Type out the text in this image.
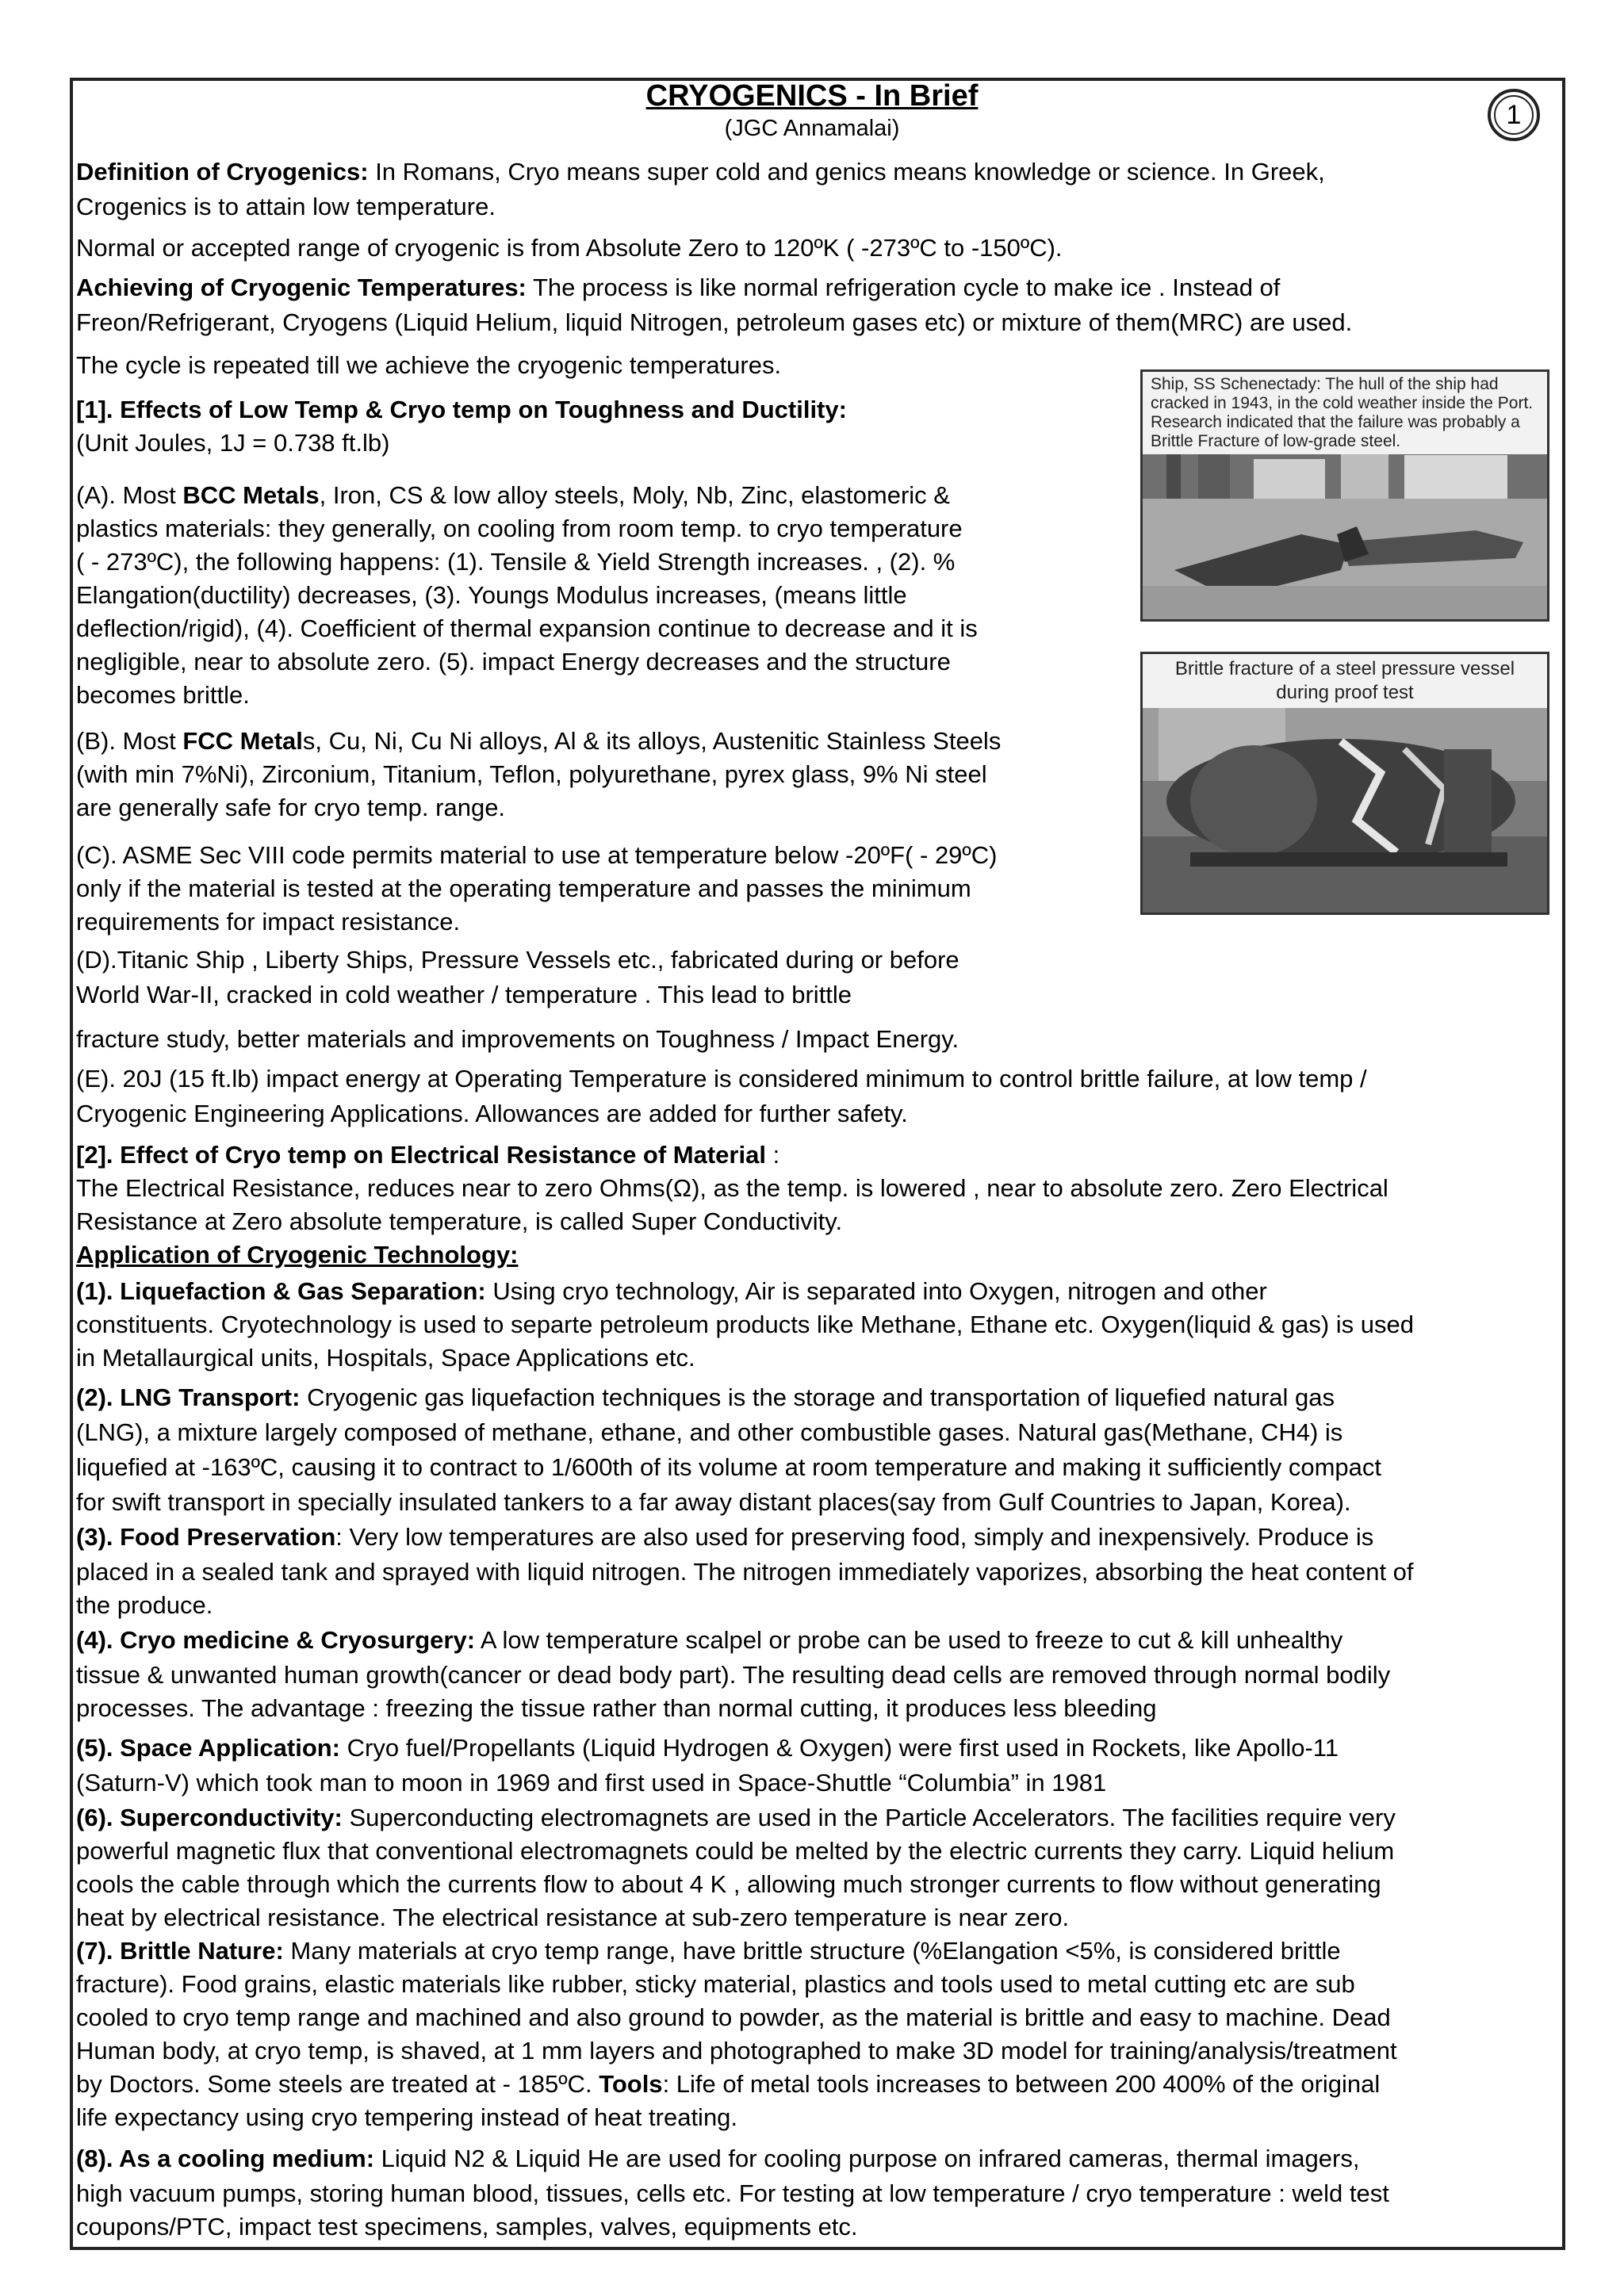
CRYOGENICS - In Brief
(JGC Annamalai)	1
Definition of Cryogenics: In Romans, Cryo means super cold and genics means knowledge or science. In Greek,
Crogenics is to attain low temperature.
Normal or accepted range of cryogenic is from Absolute Zero to 120ºK ( -273ºC to -150ºC).
Achieving of Cryogenic Temperatures: The process is like normal refrigeration cycle to make ice . Instead of
Freon/Refrigerant, Cryogens (Liquid Helium, liquid Nitrogen, petroleum gases etc) or mixture of them(MRC) are used.
The cycle is repeated till we achieve the cryogenic temperatures.
[1]. Effects of Low Temp & Cryo temp on Toughness and Ductility:
(Unit Joules, 1J = 0.738 ft.lb)
(A). Most BCC Metals, Iron, CS & low alloy steels, Moly, Nb, Zinc, elastomeric &
plastics materials: they generally, on cooling from room temp. to cryo temperature
( - 273ºC), the following happens: (1). Tensile & Yield Strength increases. , (2). %
Elangation(ductility) decreases, (3). Youngs Modulus increases, (means little
deflection/rigid), (4). Coefficient of thermal expansion continue to decrease and it is
negligible, near to absolute zero. (5). impact Energy decreases and the structure
becomes brittle.
(B). Most FCC Metals, Cu, Ni, Cu Ni alloys, Al & its alloys, Austenitic Stainless Steels
(with min 7%Ni), Zirconium, Titanium, Teflon, polyurethane, pyrex glass, 9% Ni steel
are generally safe for cryo temp. range.
(C). ASME Sec VIII code permits material to use at temperature below -20ºF( - 29ºC)
only if the material is tested at the operating temperature and passes the minimum
requirements for impact resistance.
(D).Titanic Ship , Liberty Ships, Pressure Vessels etc., fabricated during or before
World War-II, cracked in cold weather / temperature . This lead to brittle
fracture study, better materials and improvements on Toughness / Impact Energy.
(E). 20J (15 ft.lb) impact energy at Operating Temperature is considered minimum to control brittle failure, at low temp /
Cryogenic Engineering Applications. Allowances are added for further safety.
[2]. Effect of Cryo temp on Electrical Resistance of Material :
The Electrical Resistance, reduces near to zero Ohms(Ω), as the temp. is lowered , near to absolute zero. Zero Electrical
Resistance at Zero absolute temperature, is called Super Conductivity.
Application of Cryogenic Technology:
(1). Liquefaction & Gas Separation: Using cryo technology, Air is separated into Oxygen, nitrogen and other
constituents. Cryotechnology is used to separte petroleum products like Methane, Ethane etc. Oxygen(liquid & gas) is used
in Metallaurgical units, Hospitals, Space Applications etc.
(2). LNG Transport: Cryogenic gas liquefaction techniques is the storage and transportation of liquefied natural gas
(LNG), a mixture largely composed of methane, ethane, and other combustible gases. Natural gas(Methane, CH4) is
liquefied at -163ºC, causing it to contract to 1/600th of its volume at room temperature and making it sufficiently compact
for swift transport in specially insulated tankers to a far away distant places(say from Gulf Countries to Japan, Korea).
(3). Food Preservation: Very low temperatures are also used for preserving food, simply and inexpensively. Produce is
placed in a sealed tank and sprayed with liquid nitrogen. The nitrogen immediately vaporizes, absorbing the heat content of
the produce.
(4). Cryo medicine & Cryosurgery: A low temperature scalpel or probe can be used to freeze to cut & kill unhealthy
tissue & unwanted human growth(cancer or dead body part). The resulting dead cells are removed through normal bodily
processes. The advantage : freezing the tissue rather than normal cutting, it produces less bleeding
(5). Space Application: Cryo fuel/Propellants (Liquid Hydrogen & Oxygen) were first used in Rockets, like Apollo-11
(Saturn-V) which took man to moon in 1969 and first used in Space-Shuttle “Columbia” in 1981
(6). Superconductivity: Superconducting electromagnets are used in the Particle Accelerators. The facilities require very
powerful magnetic flux that conventional electromagnets could be melted by the electric currents they carry. Liquid helium
cools the cable through which the currents flow to about 4 K , allowing much stronger currents to flow without generating
heat by electrical resistance. The electrical resistance at sub-zero temperature is near zero.
(7). Brittle Nature: Many materials at cryo temp range, have brittle structure (%Elangation <5%, is considered brittle
fracture). Food grains, elastic materials like rubber, sticky material, plastics and tools used to metal cutting etc are sub
cooled to cryo temp range and machined and also ground to powder, as the material is brittle and easy to machine. Dead
Human body, at cryo temp, is shaved, at 1 mm layers and photographed to make 3D model for training/analysis/treatment
by Doctors. Some steels are treated at - 185ºC. Tools: Life of metal tools increases to between 200 400% of the original
life expectancy using cryo tempering instead of heat treating.
(8). As a cooling medium: Liquid N2 & Liquid He are used for cooling purpose on infrared cameras, thermal imagers,
high vacuum pumps, storing human blood, tissues, cells etc. For testing at low temperature / cryo temperature : weld test
coupons/PTC, impact test specimens, samples, valves, equipments etc.
Ship, SS Schenectady: The hull of the ship had cracked in 1943, in the cold weather inside the Port. Research indicated that the failure was probably a Brittle Fracture of low-grade steel.
Brittle fracture of a steel pressure vessel during proof test
